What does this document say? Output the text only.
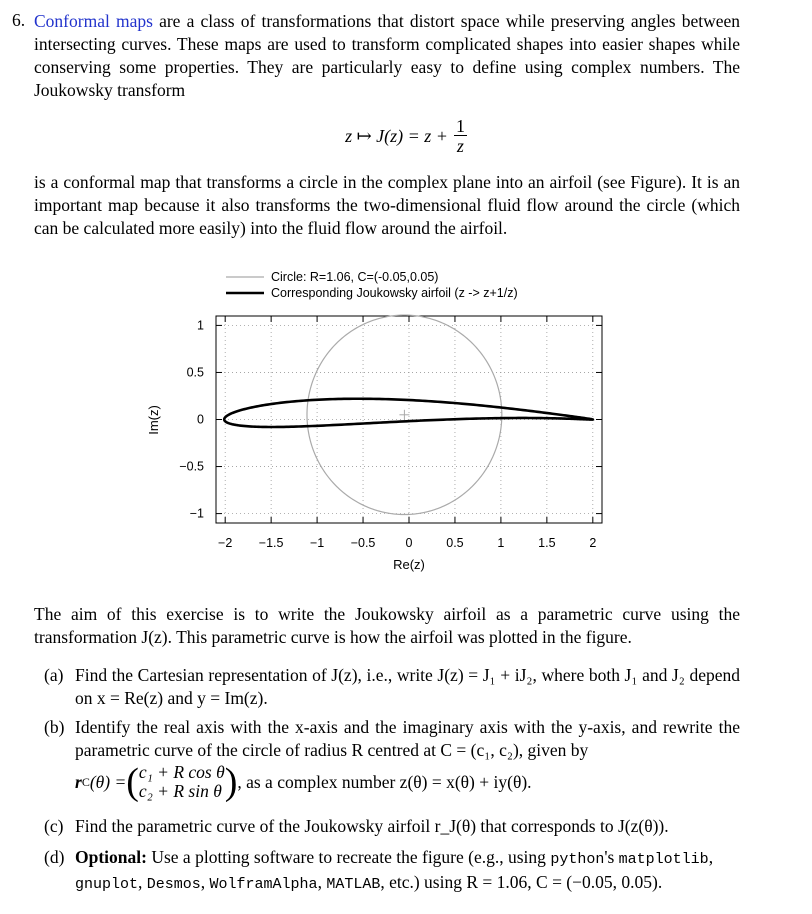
6. Conformal maps are a class of transformations that distort space while preserving angles between intersecting curves. These maps are used to transform complicated shapes into easier shapes while conserving some properties. They are particularly easy to define using complex numbers. The Joukowsky transform
z ↦ $J(z) = z + \frac{1}{z}$
is a conformal map that transforms a circle in the complex plane into an airfoil (see Figure). It is an important map because it also transforms the two-dimensional fluid flow around the circle (which can be calculated more easily) into the fluid flow around the airfoil.
−2 −1.5 −1 −0.5 0	0.5	1	1.5	2
1
0.5
0
−0.5
−1
Re(z)
Im(z)
Circle: R=1.06, C=(-0.05,0.05)
Corresponding Joukowsky airfoil (z -> z+1/z)
The aim of this exercise is to write the Joukowsky airfoil as a parametric curve using the transformation J(z). This parametric curve is how the airfoil was plotted in the figure.
(a) Find the Cartesian representation of J(z), i.e., write J(z) = J₁ + iJ₂, where both J₁ and J₂ depend on x = Re(z) and y = Im(z).
(b) Identify the real axis with the x-axis and the imaginary axis with the y-axis, and rewrite the parametric curve of the circle of radius R centred at C = (c₁, c₂), given by
r C (θ) = ( c₁ + R cos θ
c₂ + R sin θ ) , as a complex number z(θ) = x(θ) + iy(θ).
(c) Find the parametric curve of the Joukowsky airfoil r_J(θ) that corresponds to J(z(θ)).
(d) Optional: Use a plotting software to recreate the figure (e.g., using python's matplotlib,
gnuplot, Desmos, WolframAlpha, MATLAB, etc.) using R = 1.06, C = (−0.05, 0.05).
